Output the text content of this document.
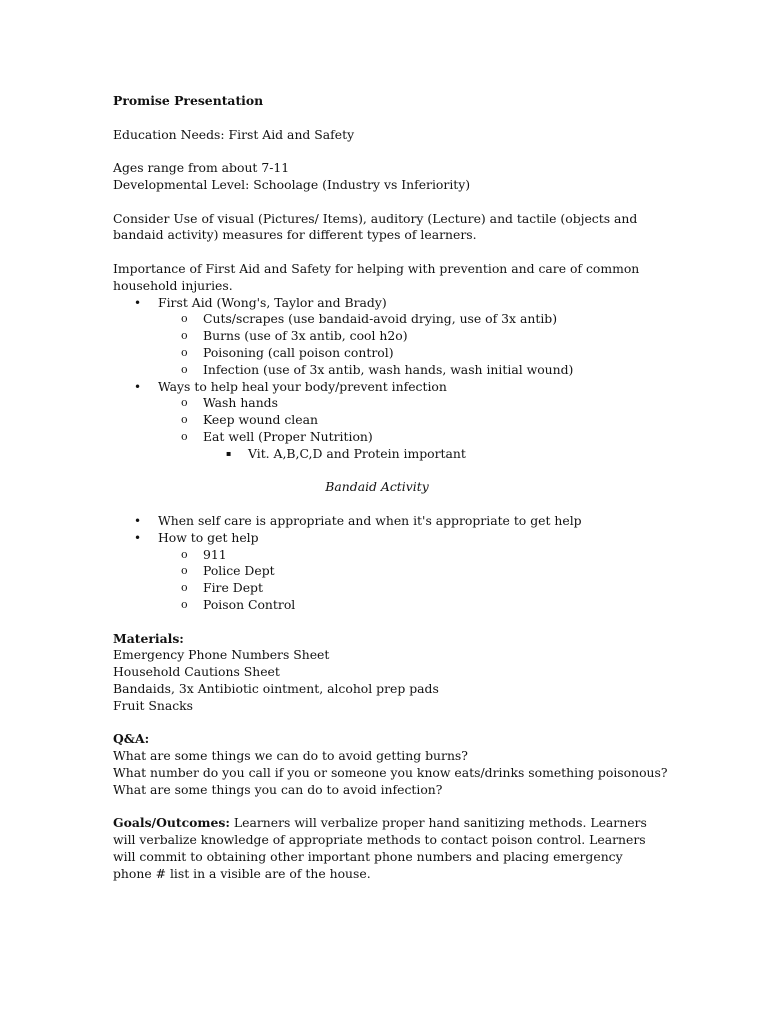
Promise Presentation
Education Needs: First Aid and Safety
Ages range from about 7-11
Developmental Level: Schoolage (Industry vs Inferiority)
Consider Use of visual (Pictures/ Items), auditory (Lecture) and tactile (objects and bandaid activity) measures for different types of learners.
Importance of First Aid and Safety for helping with prevention and care of common household injuries.
• First Aid (Wong's, Taylor and Brady)
o Cuts/scrapes (use bandaid-avoid drying, use of 3x antib)
o Burns (use of 3x antib, cool h2o)
o Poisoning (call poison control)
o Infection (use of 3x antib, wash hands, wash initial wound)
• Ways to help heal your body/prevent infection
o Wash hands
o Keep wound clean
o Eat well (Proper Nutrition)
▪ Vit. A,B,C,D and Protein important
Bandaid Activity
• When self care is appropriate and when it's appropriate to get help
• How to get help
o 911
o Police Dept
o Fire Dept
o Poison Control
Materials:
Emergency Phone Numbers Sheet
Household Cautions Sheet
Bandaids, 3x Antibiotic ointment, alcohol prep pads
Fruit Snacks
Q&A:
What are some things we can do to avoid getting burns?
What number do you call if you or someone you know eats/drinks something poisonous?
What are some things you can do to avoid infection?
Goals/Outcomes: Learners will verbalize proper hand sanitizing methods. Learners will verbalize knowledge of appropriate methods to contact poison control. Learners will commit to obtaining other important phone numbers and placing emergency phone # list in a visible are of the house.
